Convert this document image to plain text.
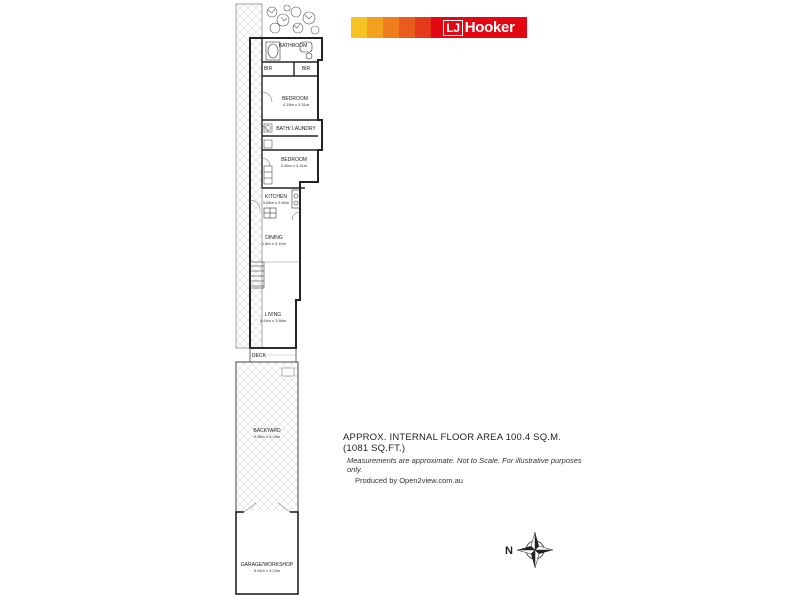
BATHROOM
BIR
BIR
BEDROOM
4.15m x 3.31m
BATH/ LAUNDRY
BEDROOM
3.46m x 3.31m
KITCHEN
3.68m x 2.60m
DINING
1.8m x 3.10m
LIVING
5.44m x 3.66m
DECK
BACKYARD
9.36m x 3.24m
GARAGE/WORKSHOP
5.94m x 3.24m
N
LJ Hooker

APPROX. INTERNAL FLOOR AREA 100.4 SQ.M. (1081 SQ.FT.)

Measurements are approximate. Not to Scale. For illustrative purposes only.

Produced by Open2view.com.au
